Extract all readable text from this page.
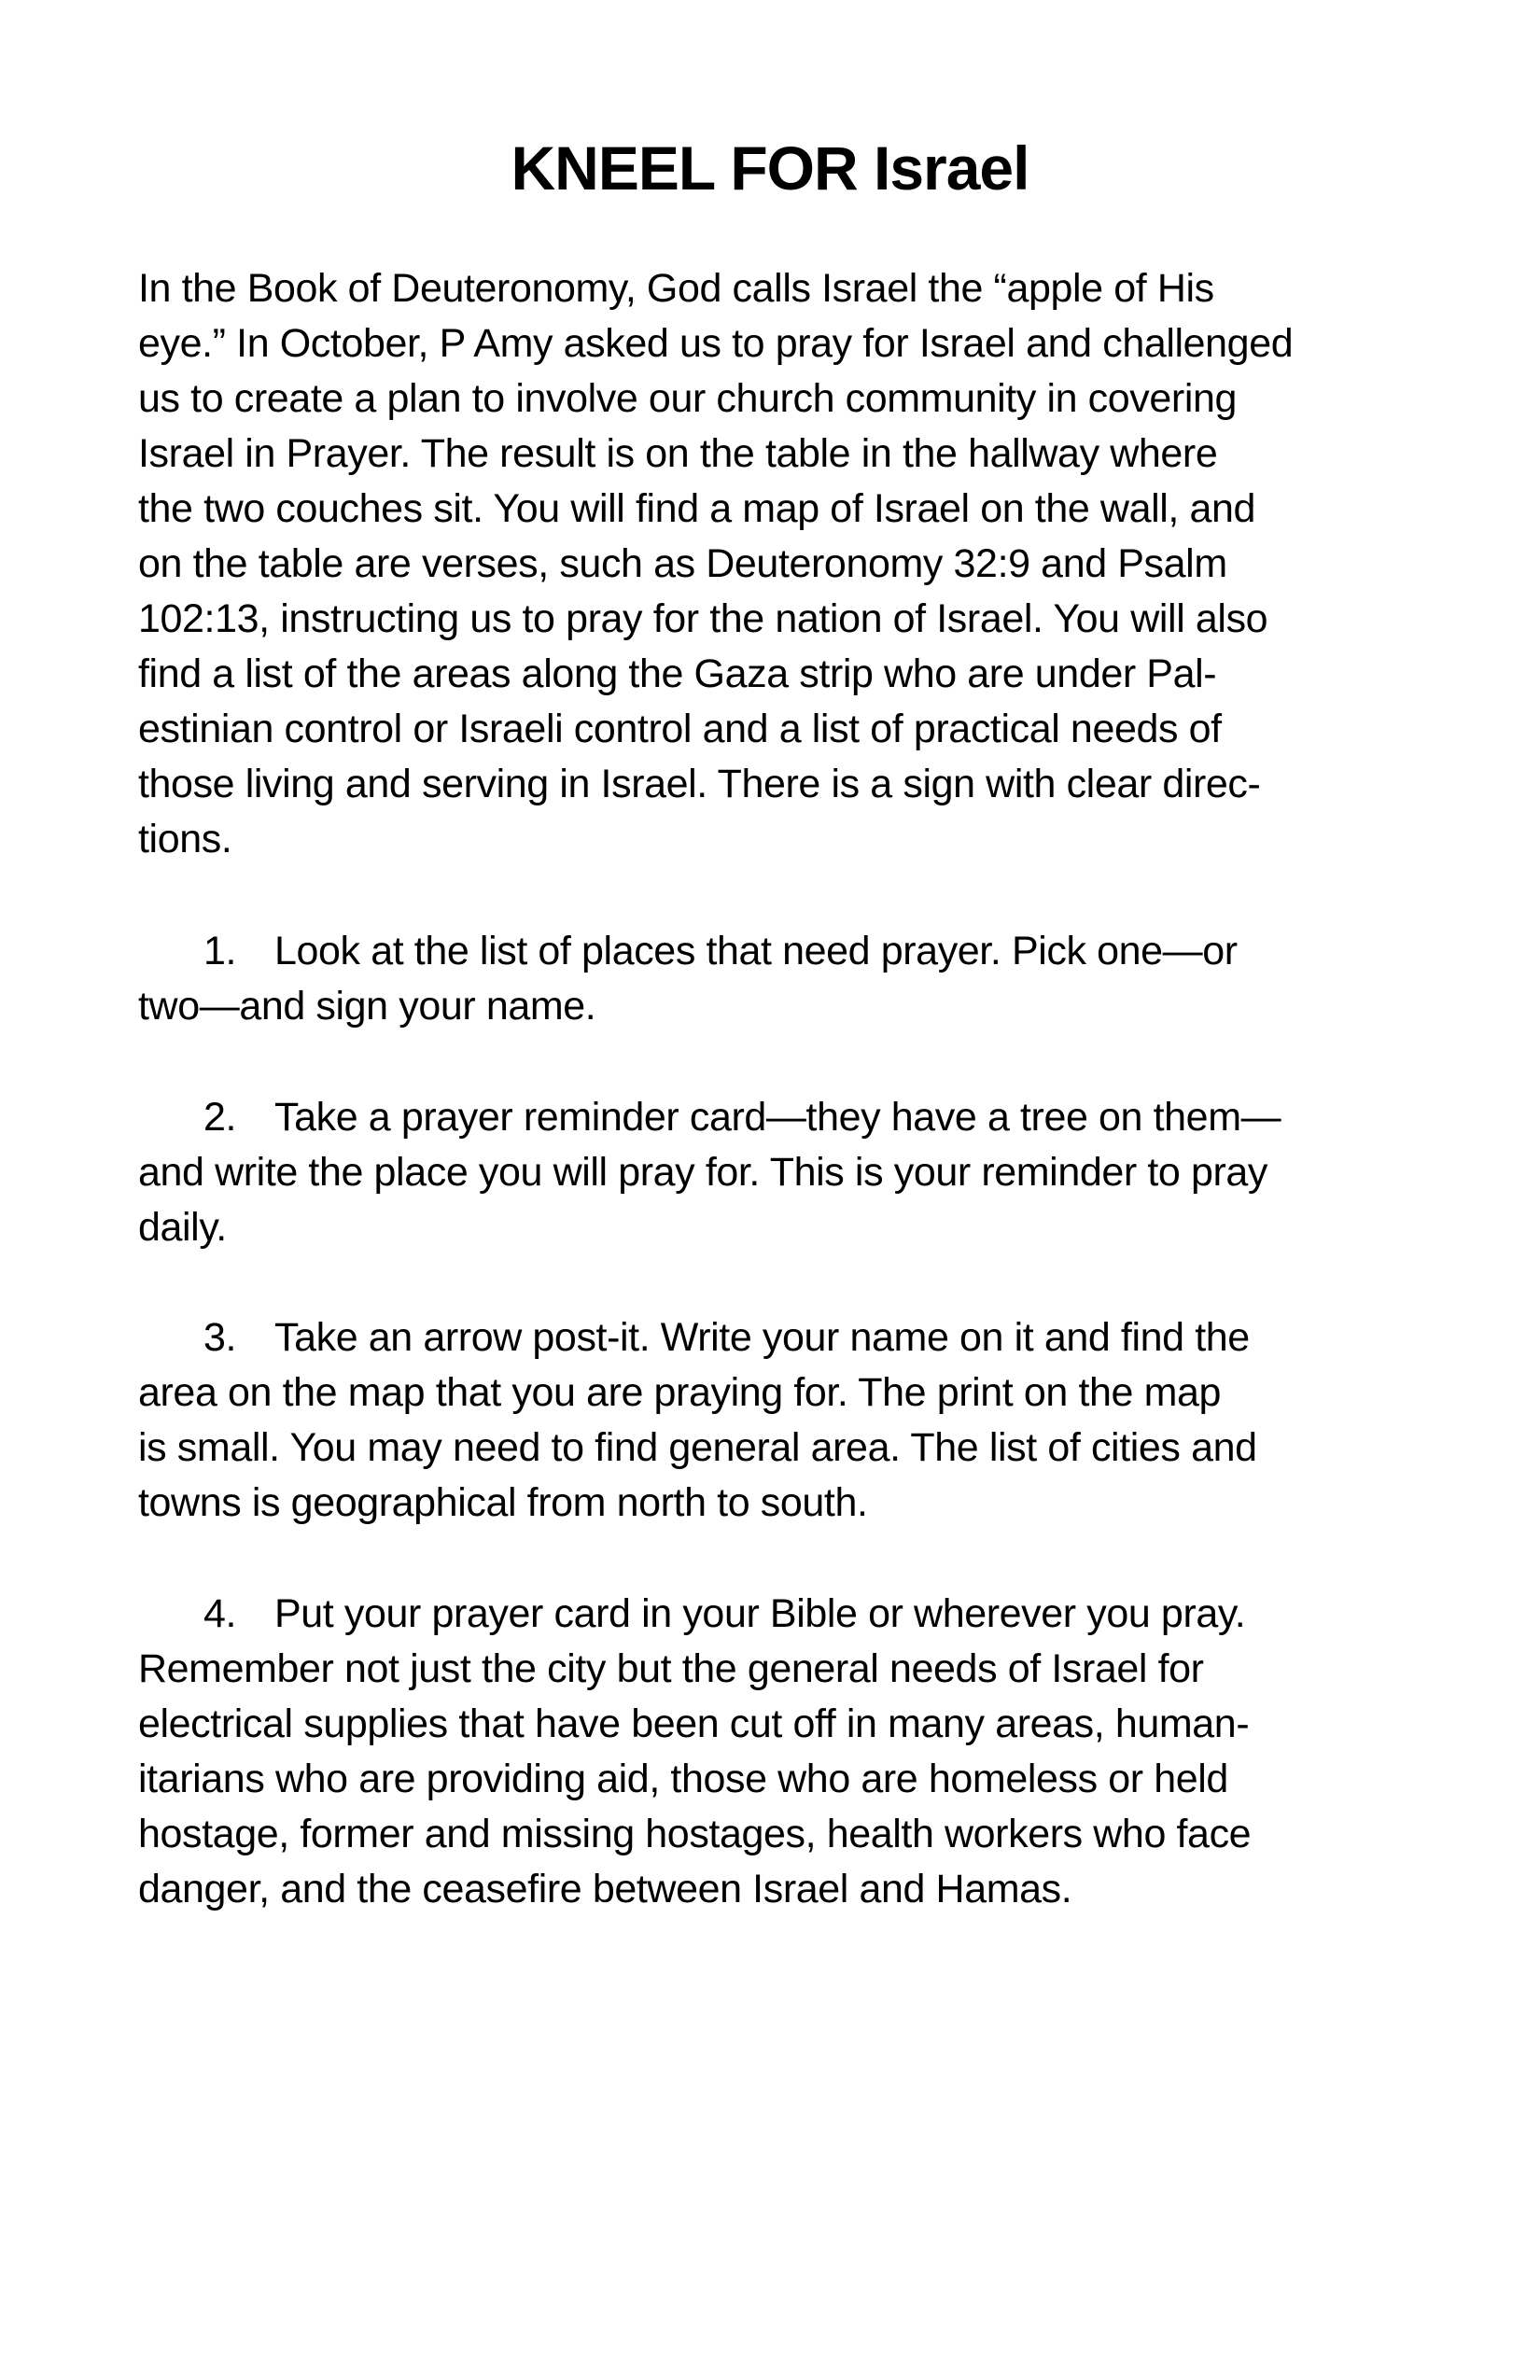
KNEEL FOR Israel
In the Book of Deuteronomy, God calls Israel the “apple of His
eye.” In October, P Amy asked us to pray for Israel and challenged
us to create a plan to involve our church community in covering
Israel in Prayer. The result is on the table in the hallway where
the two couches sit. You will find a map of Israel on the wall, and
on the table are verses, such as Deuteronomy 32:9 and Psalm
102:13, instructing us to pray for the nation of Israel. You will also
find a list of the areas along the Gaza strip who are under Pal-
estinian control or Israeli control and a list of practical needs of
those living and serving in Israel. There is a sign with clear direc-
tions.
1. Look at the list of places that need prayer. Pick one—or
two—and sign your name.
2. Take a prayer reminder card—they have a tree on them—
and write the place you will pray for. This is your reminder to pray
daily.
3. Take an arrow post-it. Write your name on it and find the
area on the map that you are praying for. The print on the map
is small. You may need to find general area. The list of cities and
towns is geographical from north to south.
4. Put your prayer card in your Bible or wherever you pray.
Remember not just the city but the general needs of Israel for
electrical supplies that have been cut off in many areas, human-
itarians who are providing aid, those who are homeless or held
hostage, former and missing hostages, health workers who face
danger, and the ceasefire between Israel and Hamas.
